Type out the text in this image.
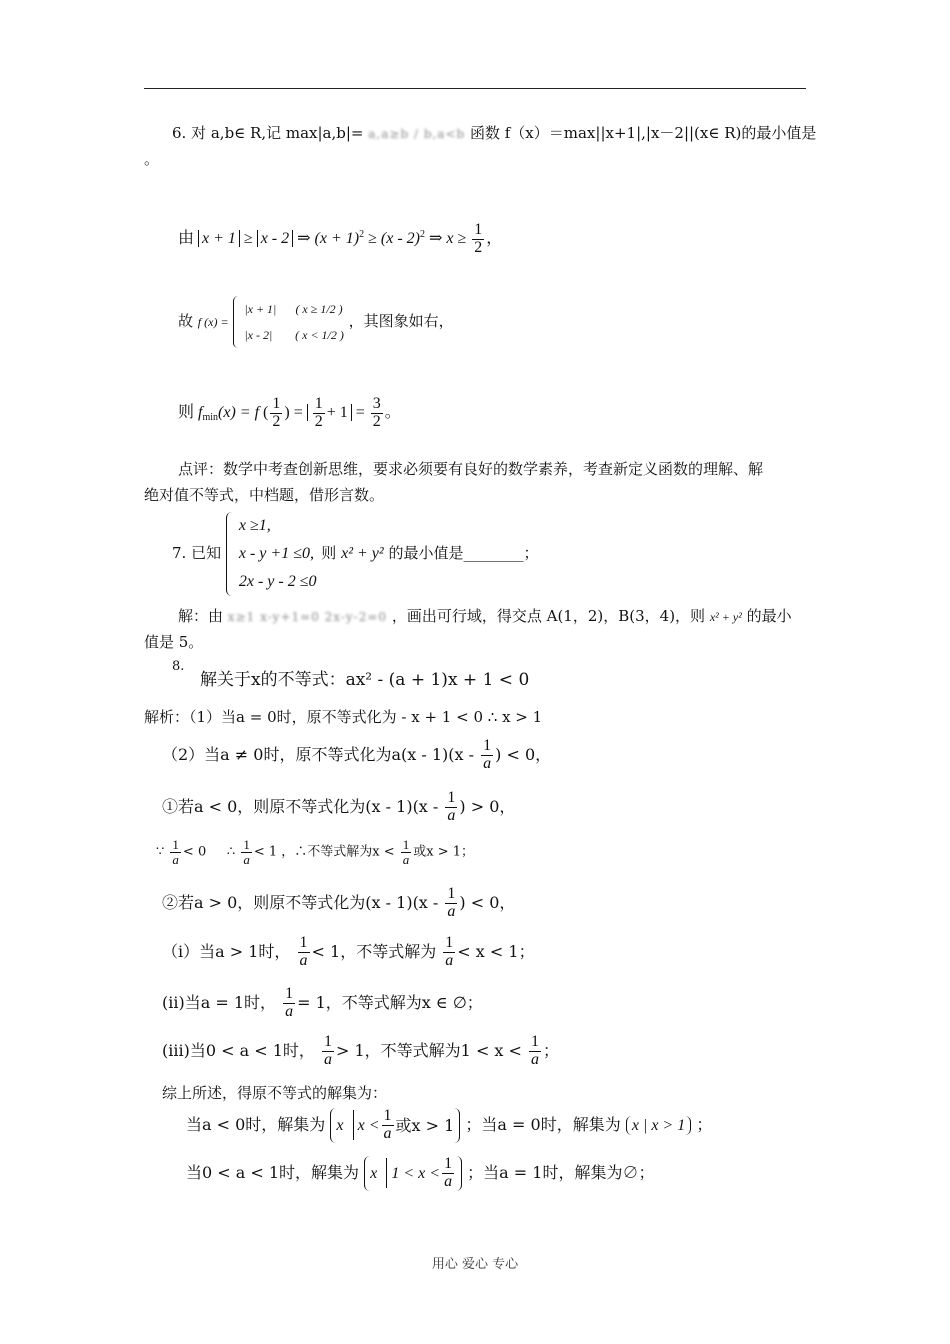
6. 对 a,b∈ R,记 max|a,b|= a,a≥b / b,a<b 函数 f（x）＝max||x+1|,|x－2||(x∈ R)的最小值是
。
由 x + 1 ≥ x - 2 ⇒ $(x + 1)^2 \ge (x - 2)^2$ ⇒ $x \ge \frac{1}{2}$ ，
故 f (x) =
|x + 1| ( x ≥ 1/2 )
|x - 2| ( x < 1/2 )
，其图象如右，
则 $f_{min}(x) = f$ ( $\frac{1}{2}$ ) = $\frac{1}{2} + 1 = \frac{3}{2}$ 。
点评：数学中考查创新思维，要求必须要有良好的数学素养，考查新定义函数的理解、解
绝对值不等式，中档题，借形言数。
7. 已知
x ≥1,
x - y +1 ≤0,
2x - y - 2 ≤0
则 x² + y² 的最小值是________；
解：由 x≥1 x-y+1=0 2x-y-2=0 ，画出可行域，得交点 A(1，2)，B(3，4)，则 x² + y² 的最小
值是 5。
8.
解关于x的不等式：ax² - (a + 1)x + 1 < 0
解析：（1）当a = 0时，原不等式化为 - x + 1 < 0 ∴ x > 1
（2）当a ≠ 0时，原不等式化为$a(x - 1)(x - \frac{1}{a}$ ) < 0，
①若a < 0，则原不等式化为$(x - 1)(x - \frac{1}{a}$ ) > 0，
∵ $\frac{1}{a} < 0$ ∴ $\frac{1}{a} < 1$ ，∴不等式解为$x < \frac{1}{a}$ 或x > 1；
②若a > 0，则原不等式化为$(x - 1)(x - \frac{1}{a}$ ) < 0，
（i）当a > 1时， $\frac{1}{a} < 1$，不等式解为 $\frac{1}{a} < x < 1$；
(ii)当a = 1时， $\frac{1}{a} = 1$，不等式解为x ∈ ∅；
(iii)当0 < a < 1时， $\frac{1}{a} > 1$，不等式解为$1 < x < \frac{1}{a}$ ；
综上所述，得原不等式的解集为：
当a < 0时，解集为 x
$x < \frac{1}{a}$ 或x > 1 ；当a = 0时，解集为 x | x > 1 ；
当0 < a < 1时，解集为 x
$1 < x < \frac{1}{a}$ ；当a = 1时，解集为∅；
用心 爱心 专心
